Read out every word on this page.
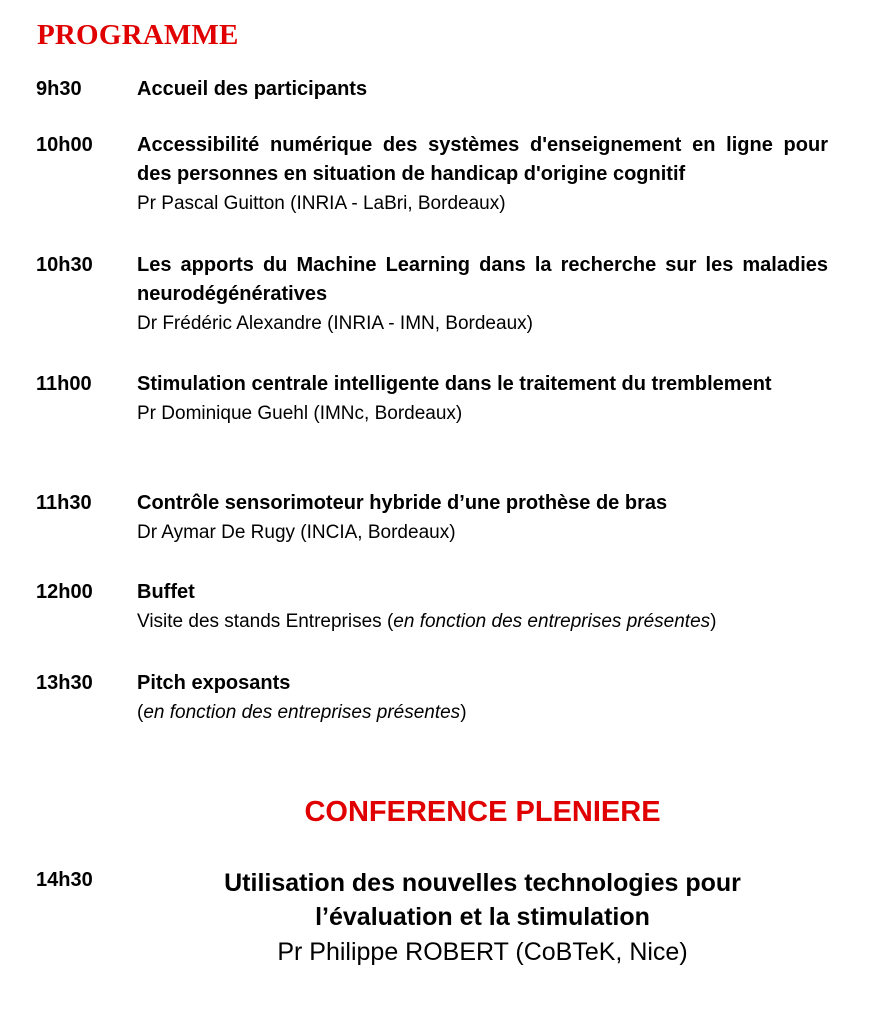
PROGRAMME
9h30	Accueil des participants
10h00 Accessibilité numérique des systèmes d'enseignement en ligne pour des personnes en situation de handicap d'origine cognitif
Pr Pascal Guitton (INRIA - LaBri, Bordeaux)
10h30 Les apports du Machine Learning dans la recherche sur les maladies neurodégénératives
Dr Frédéric Alexandre (INRIA - IMN, Bordeaux)
11h00 Stimulation centrale intelligente dans le traitement du tremblement
Pr Dominique Guehl (IMNc, Bordeaux)
11h30 Contrôle sensorimoteur hybride d’une prothèse de bras
Dr Aymar De Rugy (INCIA, Bordeaux)
12h00 Buffet
Visite des stands Entreprises (en fonction des entreprises présentes)
13h30 Pitch exposants
(en fonction des entreprises présentes)
CONFERENCE PLENIERE
14h30	Utilisation des nouvelles technologies pour
l’évaluation et la stimulation
Pr Philippe ROBERT (CoBTeK, Nice)
